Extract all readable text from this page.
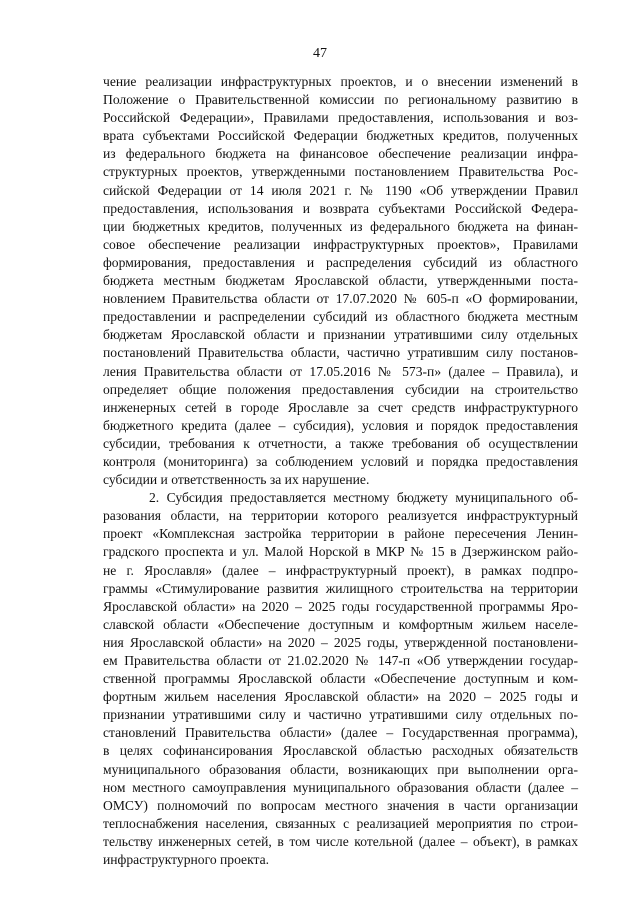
47
чение реализации инфраструктурных проектов, и о внесении изменений в
Положение о Правительственной комиссии по региональному развитию в
Российской Федерации», Правилами предоставления, использования и воз-
врата субъектами Российской Федерации бюджетных кредитов, полученных
из федерального бюджета на финансовое обеспечение реализации инфра-
структурных проектов, утвержденными постановлением Правительства Рос-
сийской Федерации от 14 июля 2021 г. № 1190 «Об утверждении Правил
предоставления, использования и возврата субъектами Российской Федера-
ции бюджетных кредитов, полученных из федерального бюджета на финан-
совое обеспечение реализации инфраструктурных проектов», Правилами
формирования, предоставления и распределения субсидий из областного
бюджета местным бюджетам Ярославской области, утвержденными поста-
новлением Правительства области от 17.07.2020 № 605-п «О формировании,
предоставлении и распределении субсидий из областного бюджета местным
бюджетам Ярославской области и признании утратившими силу отдельных
постановлений Правительства области, частично утратившим силу постанов-
ления Правительства области от 17.05.2016 № 573-п» (далее – Правила), и
определяет общие положения предоставления субсидии на строительство
инженерных сетей в городе Ярославле за счет средств инфраструктурного
бюджетного кредита (далее – субсидия), условия и порядок предоставления
субсидии, требования к отчетности, а также требования об осуществлении
контроля (мониторинга) за соблюдением условий и порядка предоставления
субсидии и ответственность за их нарушение.
2. Субсидия предоставляется местному бюджету муниципального об-
разования области, на территории которого реализуется инфраструктурный
проект «Комплексная застройка территории в районе пересечения Ленин-
градского проспекта и ул. Малой Норской в МКР № 15 в Дзержинском райо-
не г. Ярославля» (далее – инфраструктурный проект), в рамках подпро-
граммы «Стимулирование развития жилищного строительства на территории
Ярославской области» на 2020 – 2025 годы государственной программы Яро-
славской области «Обеспечение доступным и комфортным жильем населе-
ния Ярославской области» на 2020 – 2025 годы, утвержденной постановлени-
ем Правительства области от 21.02.2020 № 147-п «Об утверждении государ-
ственной программы Ярославской области «Обеспечение доступным и ком-
фортным жильем населения Ярославской области» на 2020 – 2025 годы и
признании утратившими силу и частично утратившими силу отдельных по-
становлений Правительства области» (далее – Государственная программа),
в целях софинансирования Ярославской областью расходных обязательств
муниципального образования области, возникающих при выполнении орга-
ном местного самоуправления муниципального образования области (далее –
ОМСУ) полномочий по вопросам местного значения в части организации
теплоснабжения населения, связанных с реализацией мероприятия по строи-
тельству инженерных сетей, в том числе котельной (далее – объект), в рамках
инфраструктурного проекта.
